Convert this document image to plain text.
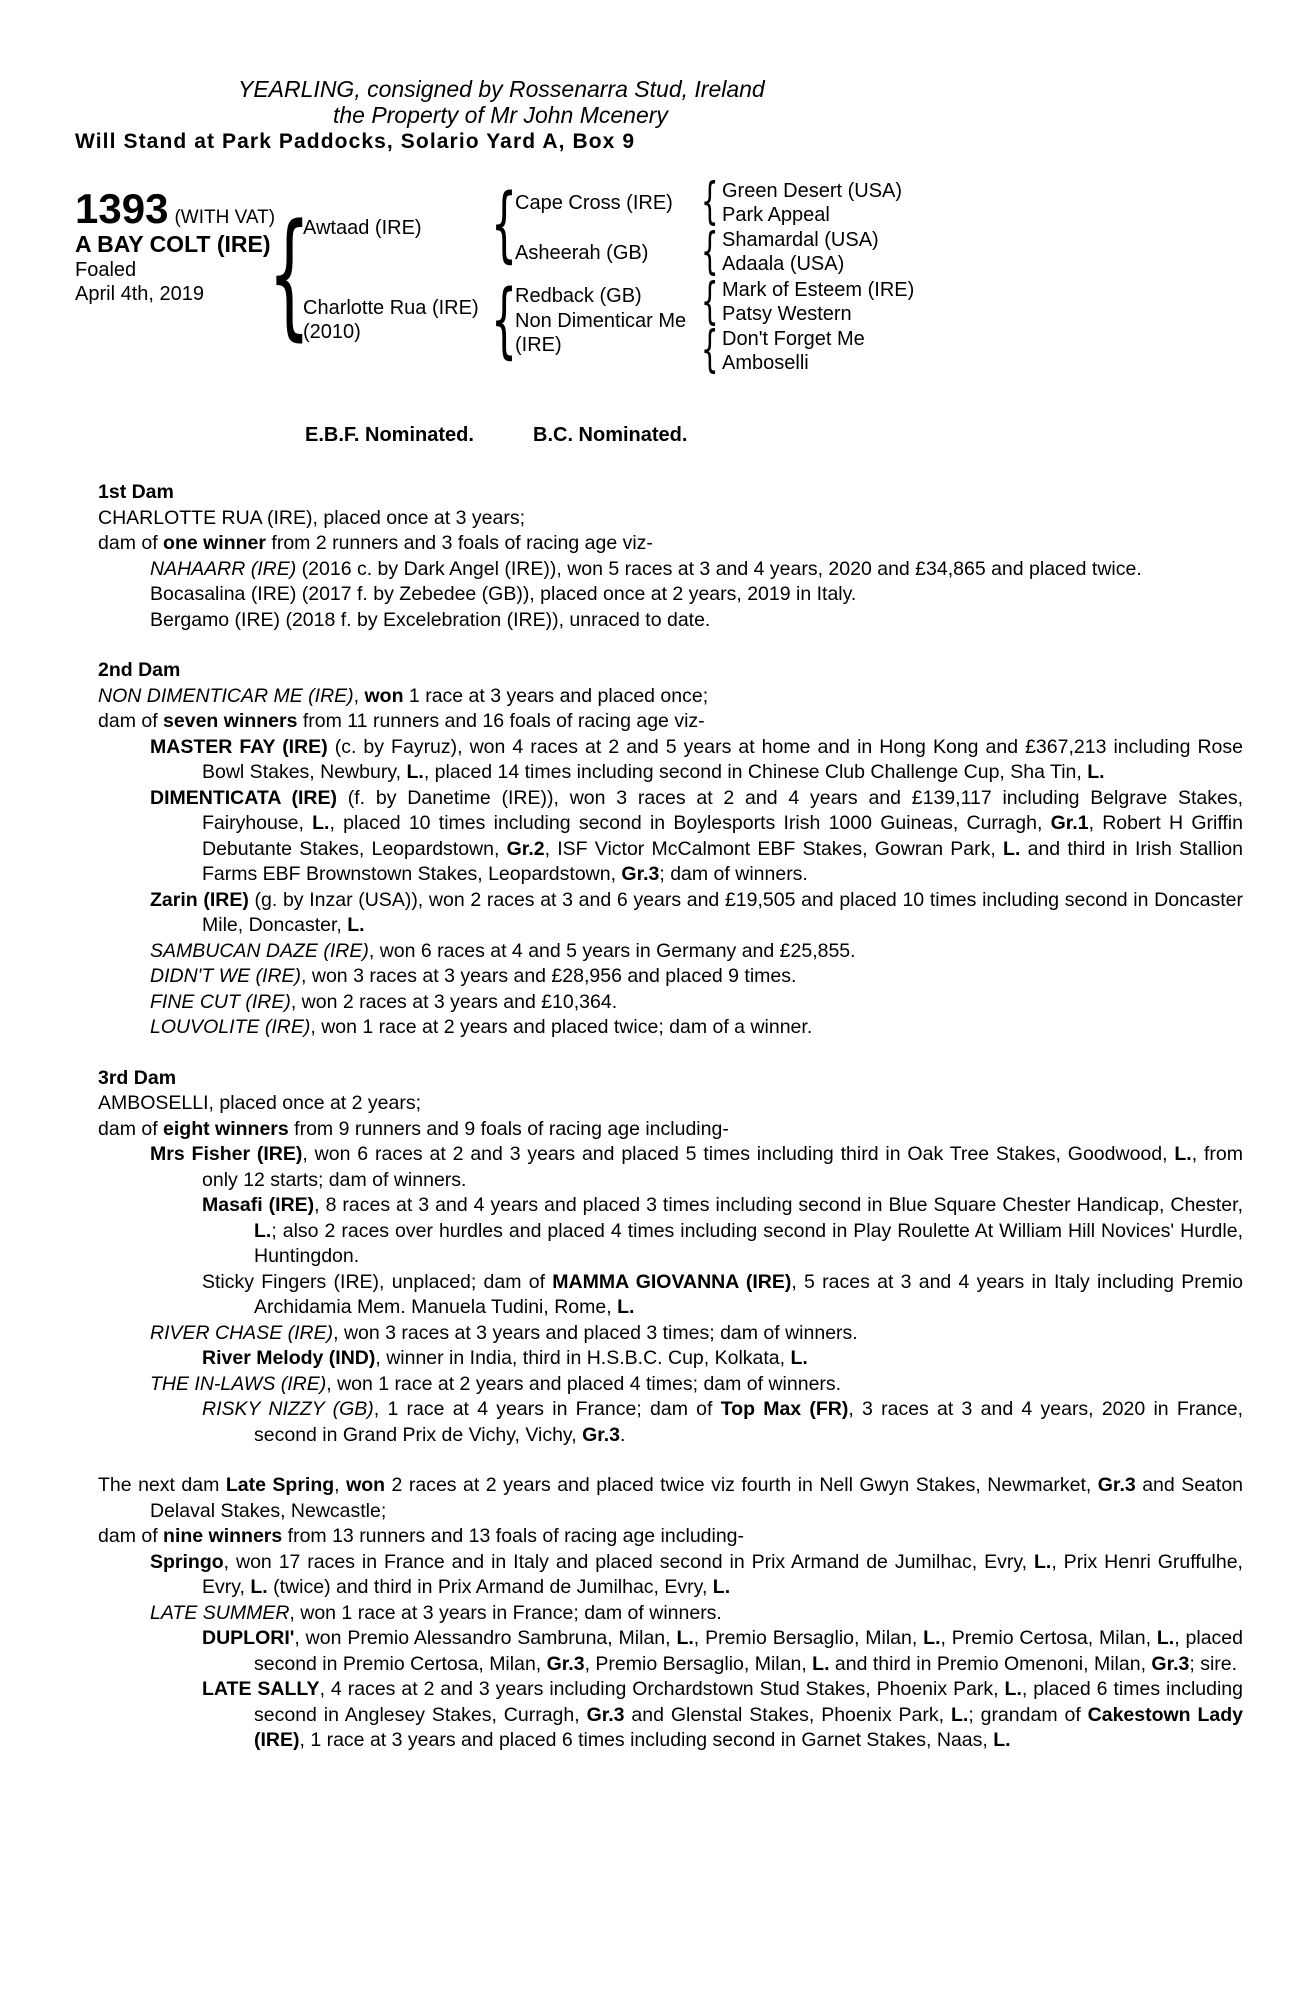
YEARLING, consigned by Rossenarra Stud, Ireland
the Property of Mr John Mcenery
Will Stand at Park Paddocks, Solario Yard A, Box 9
1393 (WITH VAT)
A BAY COLT (IRE)
Foaled
April 4th, 2019 { {
{
{
{
{
{
Awtaad (IRE)
Charlotte Rua (IRE)
(2010)
Cape Cross (IRE)
Asheerah (GB)
Redback (GB)
Non Dimenticar Me (IRE)
Green Desert (USA)
Park Appeal
Shamardal (USA)
Adaala (USA)
Mark of Esteem (IRE)
Patsy Western
Don't Forget Me
Amboselli
E.B.F. Nominated.	B.C. Nominated.
1st Dam

CHARLOTTE RUA (IRE), placed once at 3 years;

dam of one winner from 2 runners and 3 foals of racing age viz-

NAHAARR (IRE) (2016 c. by Dark Angel (IRE)), won 5 races at 3 and 4 years, 2020 and £34,865 and placed twice.

Bocasalina (IRE) (2017 f. by Zebedee (GB)), placed once at 2 years, 2019 in Italy.

Bergamo (IRE) (2018 f. by Excelebration (IRE)), unraced to date.

2nd Dam

NON DIMENTICAR ME (IRE), won 1 race at 3 years and placed once;

dam of seven winners from 11 runners and 16 foals of racing age viz-

MASTER FAY (IRE) (c. by Fayruz), won 4 races at 2 and 5 years at home and in Hong Kong and £367,213 including Rose Bowl Stakes, Newbury, L., placed 14 times including second in Chinese Club Challenge Cup, Sha Tin, L.

DIMENTICATA (IRE) (f. by Danetime (IRE)), won 3 races at 2 and 4 years and £139,117 including Belgrave Stakes, Fairyhouse, L., placed 10 times including second in Boylesports Irish 1000 Guineas, Curragh, Gr.1, Robert H Griffin Debutante Stakes, Leopardstown, Gr.2, ISF Victor McCalmont EBF Stakes, Gowran Park, L. and third in Irish Stallion Farms EBF Brownstown Stakes, Leopardstown, Gr.3; dam of winners.

Zarin (IRE) (g. by Inzar (USA)), won 2 races at 3 and 6 years and £19,505 and placed 10 times including second in Doncaster Mile, Doncaster, L.

SAMBUCAN DAZE (IRE), won 6 races at 4 and 5 years in Germany and £25,855.

DIDN'T WE (IRE), won 3 races at 3 years and £28,956 and placed 9 times.

FINE CUT (IRE), won 2 races at 3 years and £10,364.

LOUVOLITE (IRE), won 1 race at 2 years and placed twice; dam of a winner.

3rd Dam

AMBOSELLI, placed once at 2 years;

dam of eight winners from 9 runners and 9 foals of racing age including-

Mrs Fisher (IRE), won 6 races at 2 and 3 years and placed 5 times including third in Oak Tree Stakes, Goodwood, L., from only 12 starts; dam of winners.

Masafi (IRE), 8 races at 3 and 4 years and placed 3 times including second in Blue Square Chester Handicap, Chester, L.; also 2 races over hurdles and placed 4 times including second in Play Roulette At William Hill Novices' Hurdle, Huntingdon.

Sticky Fingers (IRE), unplaced; dam of MAMMA GIOVANNA (IRE), 5 races at 3 and 4 years in Italy including Premio Archidamia Mem. Manuela Tudini, Rome, L.

RIVER CHASE (IRE), won 3 races at 3 years and placed 3 times; dam of winners.

River Melody (IND), winner in India, third in H.S.B.C. Cup, Kolkata, L.

THE IN-LAWS (IRE), won 1 race at 2 years and placed 4 times; dam of winners.

RISKY NIZZY (GB), 1 race at 4 years in France; dam of Top Max (FR), 3 races at 3 and 4 years, 2020 in France, second in Grand Prix de Vichy, Vichy, Gr.3.

The next dam Late Spring, won 2 races at 2 years and placed twice viz fourth in Nell Gwyn Stakes, Newmarket, Gr.3 and Seaton Delaval Stakes, Newcastle;

dam of nine winners from 13 runners and 13 foals of racing age including-

Springo, won 17 races in France and in Italy and placed second in Prix Armand de Jumilhac, Evry, L., Prix Henri Gruffulhe, Evry, L. (twice) and third in Prix Armand de Jumilhac, Evry, L.

LATE SUMMER, won 1 race at 3 years in France; dam of winners.

DUPLORI', won Premio Alessandro Sambruna, Milan, L., Premio Bersaglio, Milan, L., Premio Certosa, Milan, L., placed second in Premio Certosa, Milan, Gr.3, Premio Bersaglio, Milan, L. and third in Premio Omenoni, Milan, Gr.3; sire.

LATE SALLY, 4 races at 2 and 3 years including Orchardstown Stud Stakes, Phoenix Park, L., placed 6 times including second in Anglesey Stakes, Curragh, Gr.3 and Glenstal Stakes, Phoenix Park, L.; grandam of Cakestown Lady (IRE), 1 race at 3 years and placed 6 times including second in Garnet Stakes, Naas, L.
